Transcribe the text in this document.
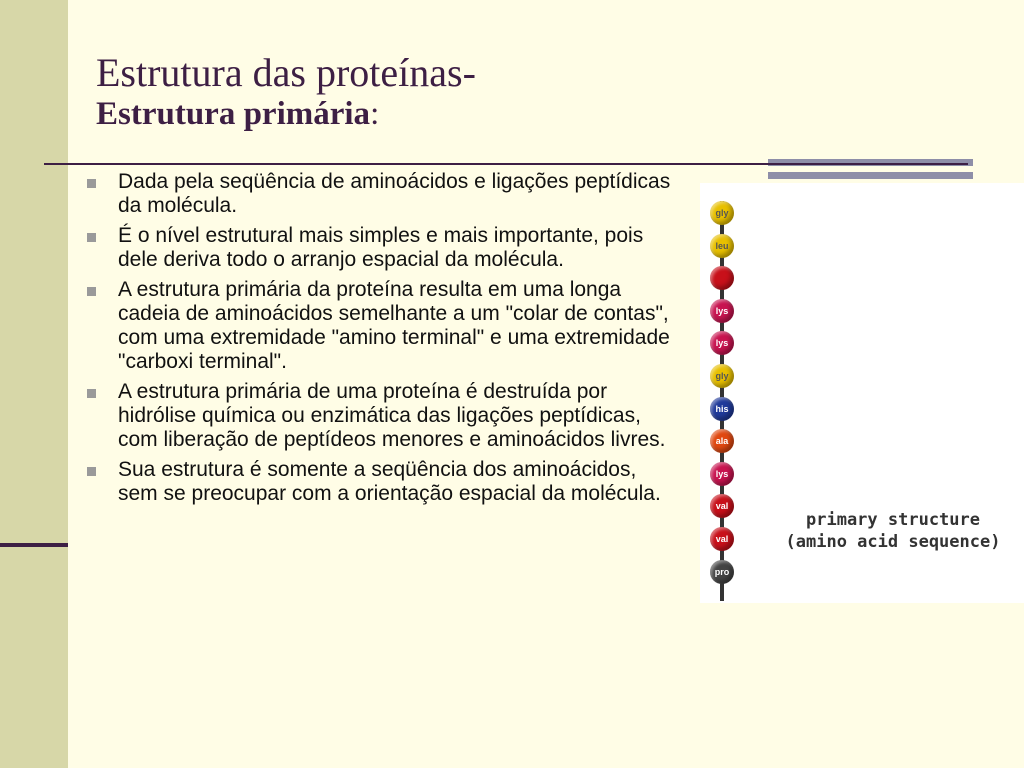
Estrutura das proteínas-
Estrutura primária:
Dada pela seqüência de aminoácidos e ligações peptídicas da molécula.
É o nível estrutural mais simples e mais importante, pois dele deriva todo o arranjo espacial da molécula.
A estrutura primária da proteína resulta em uma longa cadeia de aminoácidos semelhante a um "colar de contas", com uma extremidade "amino terminal" e uma extremidade "carboxi terminal".
A estrutura primária de uma proteína é destruída por hidrólise química ou enzimática das ligações peptídicas, com liberação de peptídeos menores e aminoácidos livres.
Sua estrutura é somente a seqüência dos aminoácidos, sem se preocupar com a orientação espacial da molécula.
gly
leu
lys
lys
gly
his
ala
lys
val
val
pro
primary structure
(amino acid sequence)
